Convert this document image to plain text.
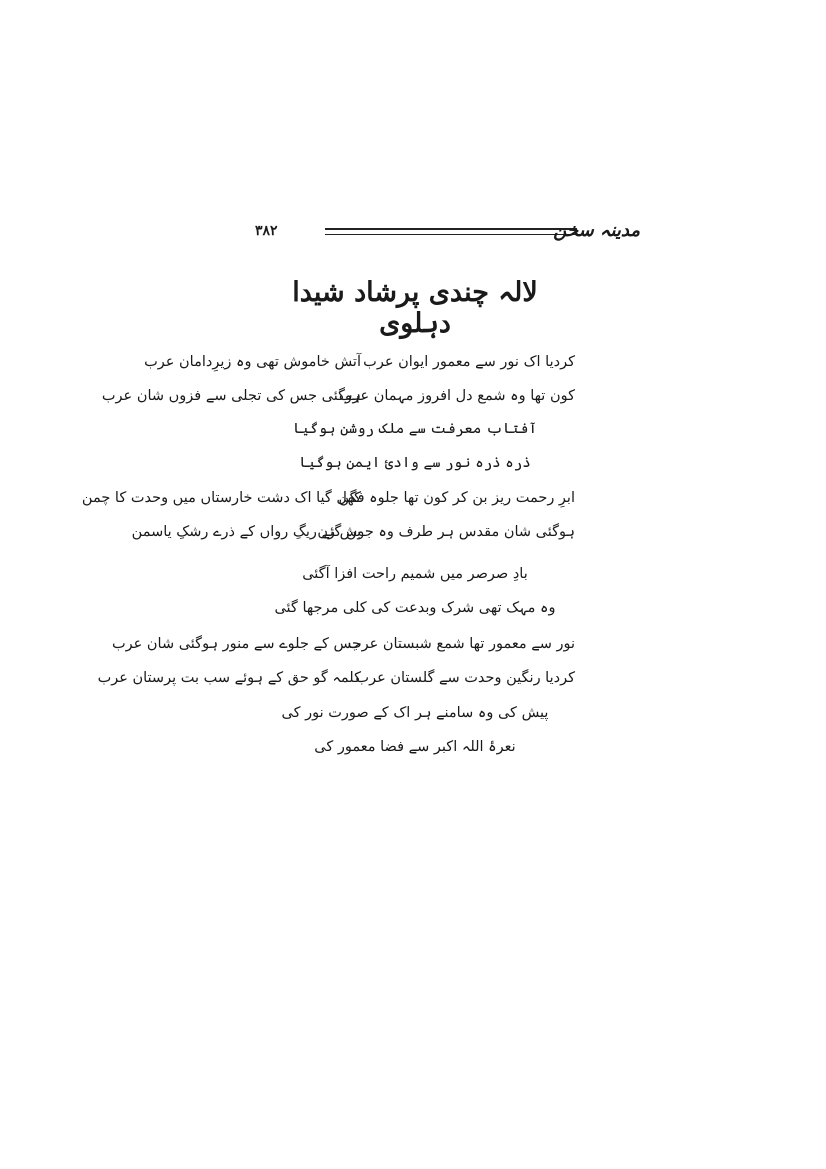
۳۸۲	مدینہ سخن
لالہ چندی پرشاد شیدا دہلوی
کردیا اک نور سے معمور ایوان عرب
آتش خاموش تھی وہ زیرِدامان عرب
کون تھا وہ شمع دل افروز مہمان عرب
ہوگئی جس کی تجلی سے فزوں شان عرب
آفتاب معرفت سے ملک روشن ہوگیا
ذرہ ذرہ نور سے وادیٔ ایمن ہوگیا
ابرِ رحمت ریز بن کر کون تھا جلوہ فگن
کھل گیا اک دشت خارستاں میں وحدت کا چمن
ہوگئی شان مقدس ہر طرف وہ جوش زن
بن گئے ریگِ رواں کے ذرے رشکِ یاسمن
بادِ صرصر میں شمیم راحت افزا آگئی
وہ مہک تھی شرک وبدعت کی کلی مرجھا گئی
نور سے معمور تھا شمع شبستان عرب
جس کے جلوے سے منور ہوگئی شان عرب
کردیا رنگین وحدت سے گلستان عرب
کلمہ گو حق کے ہوئے سب بت پرستان عرب
پیش کی وہ سامنے ہر اک کے صورت نور کی
نعرۂ اللہ اکبر سے فضا معمور کی
